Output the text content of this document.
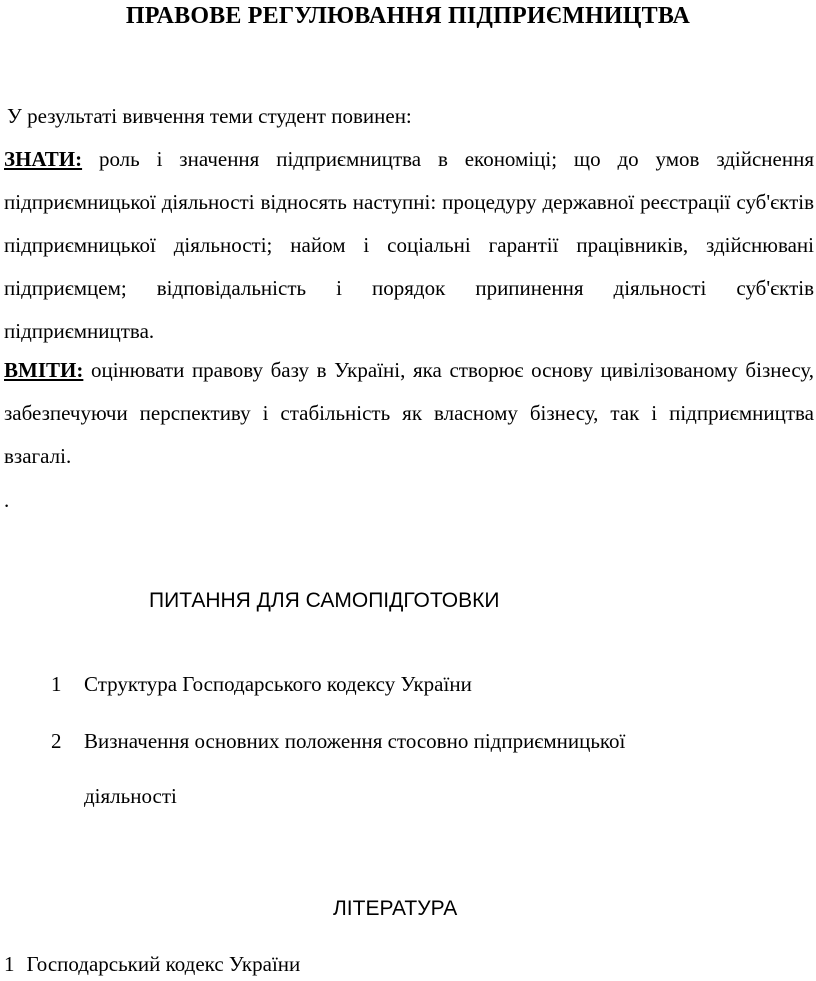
ПРАВОВЕ РЕГУЛЮВАННЯ ПІДПРИЄМНИЦТВА

У результаті вивчення теми студент повинен:

ЗНАТИ: роль і значення підприємництва в економіці; що до умов здійснення підприємницької діяльності відносять наступні: процедуру державної реєстрації суб'єктів підприємницької діяльності; найом і соціальні гарантії працівників, здійснювані підприємцем; відповідальність і порядок припинення діяльності суб'єктів підприємництва.

ВМІТИ: оцінювати правову базу в Україні, яка створює основу цивілізованому бізнесу, забезпечуючи перспективу і стабільність як власному бізнесу, так і підприємництва взагалі.

.
ПИТАННЯ ДЛЯ САМОПІДГОТОВКИ
1 Структура Господарського кодексу України
2 Визначення основних положення стосовно підприємницької
діяльності
ЛІТЕРАТУРА
1 Господарський кодекс України
